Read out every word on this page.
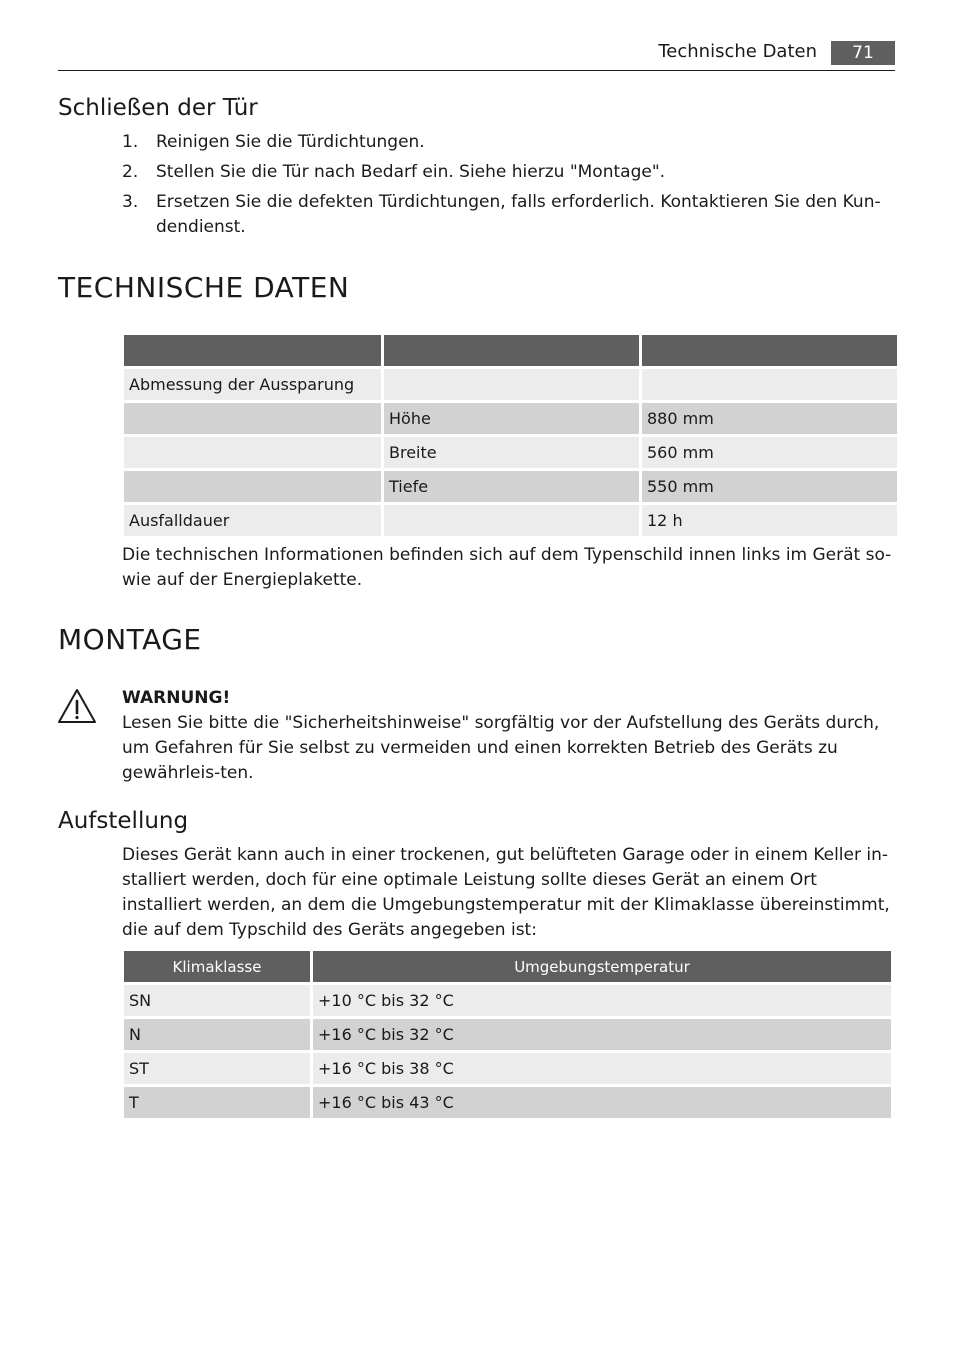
Technische Daten	71
Schließen der Tür
1.	Reinigen Sie die Türdichtungen.
2.	Stellen Sie die Tür nach Bedarf ein. Siehe hierzu "Montage".
3.	Ersetzen Sie die defekten Türdichtungen, falls erforderlich. Kontaktieren Sie den Kun-dendienst.
TECHNISCHE DATEN

Abmessung der Aussparung		
	Höhe	880 mm
	Breite	560 mm
	Tiefe	550 mm
Ausfalldauer		12 h

Die technischen Informationen befinden sich auf dem Typenschild innen links im Gerät so-wie auf der Energieplakette.

MONTAGE
WARNUNG!

Lesen Sie bitte die "Sicherheitshinweise" sorgfältig vor der Aufstellung des Geräts durch, um Gefahren für Sie selbst zu vermeiden und einen korrekten Betrieb des Geräts zu gewährleis-ten.

Aufstellung

Dieses Gerät kann auch in einer trockenen, gut belüfteten Garage oder in einem Keller in-stalliert werden, doch für eine optimale Leistung sollte dieses Gerät an einem Ort installiert werden, an dem die Umgebungstemperatur mit der Klimaklasse übereinstimmt, die auf dem Typschild des Geräts angegeben ist:

Klimaklasse	Umgebungstemperatur
SN	+10 °C bis 32 °C
N	+16 °C bis 32 °C
ST	+16 °C bis 38 °C
T	+16 °C bis 43 °C
